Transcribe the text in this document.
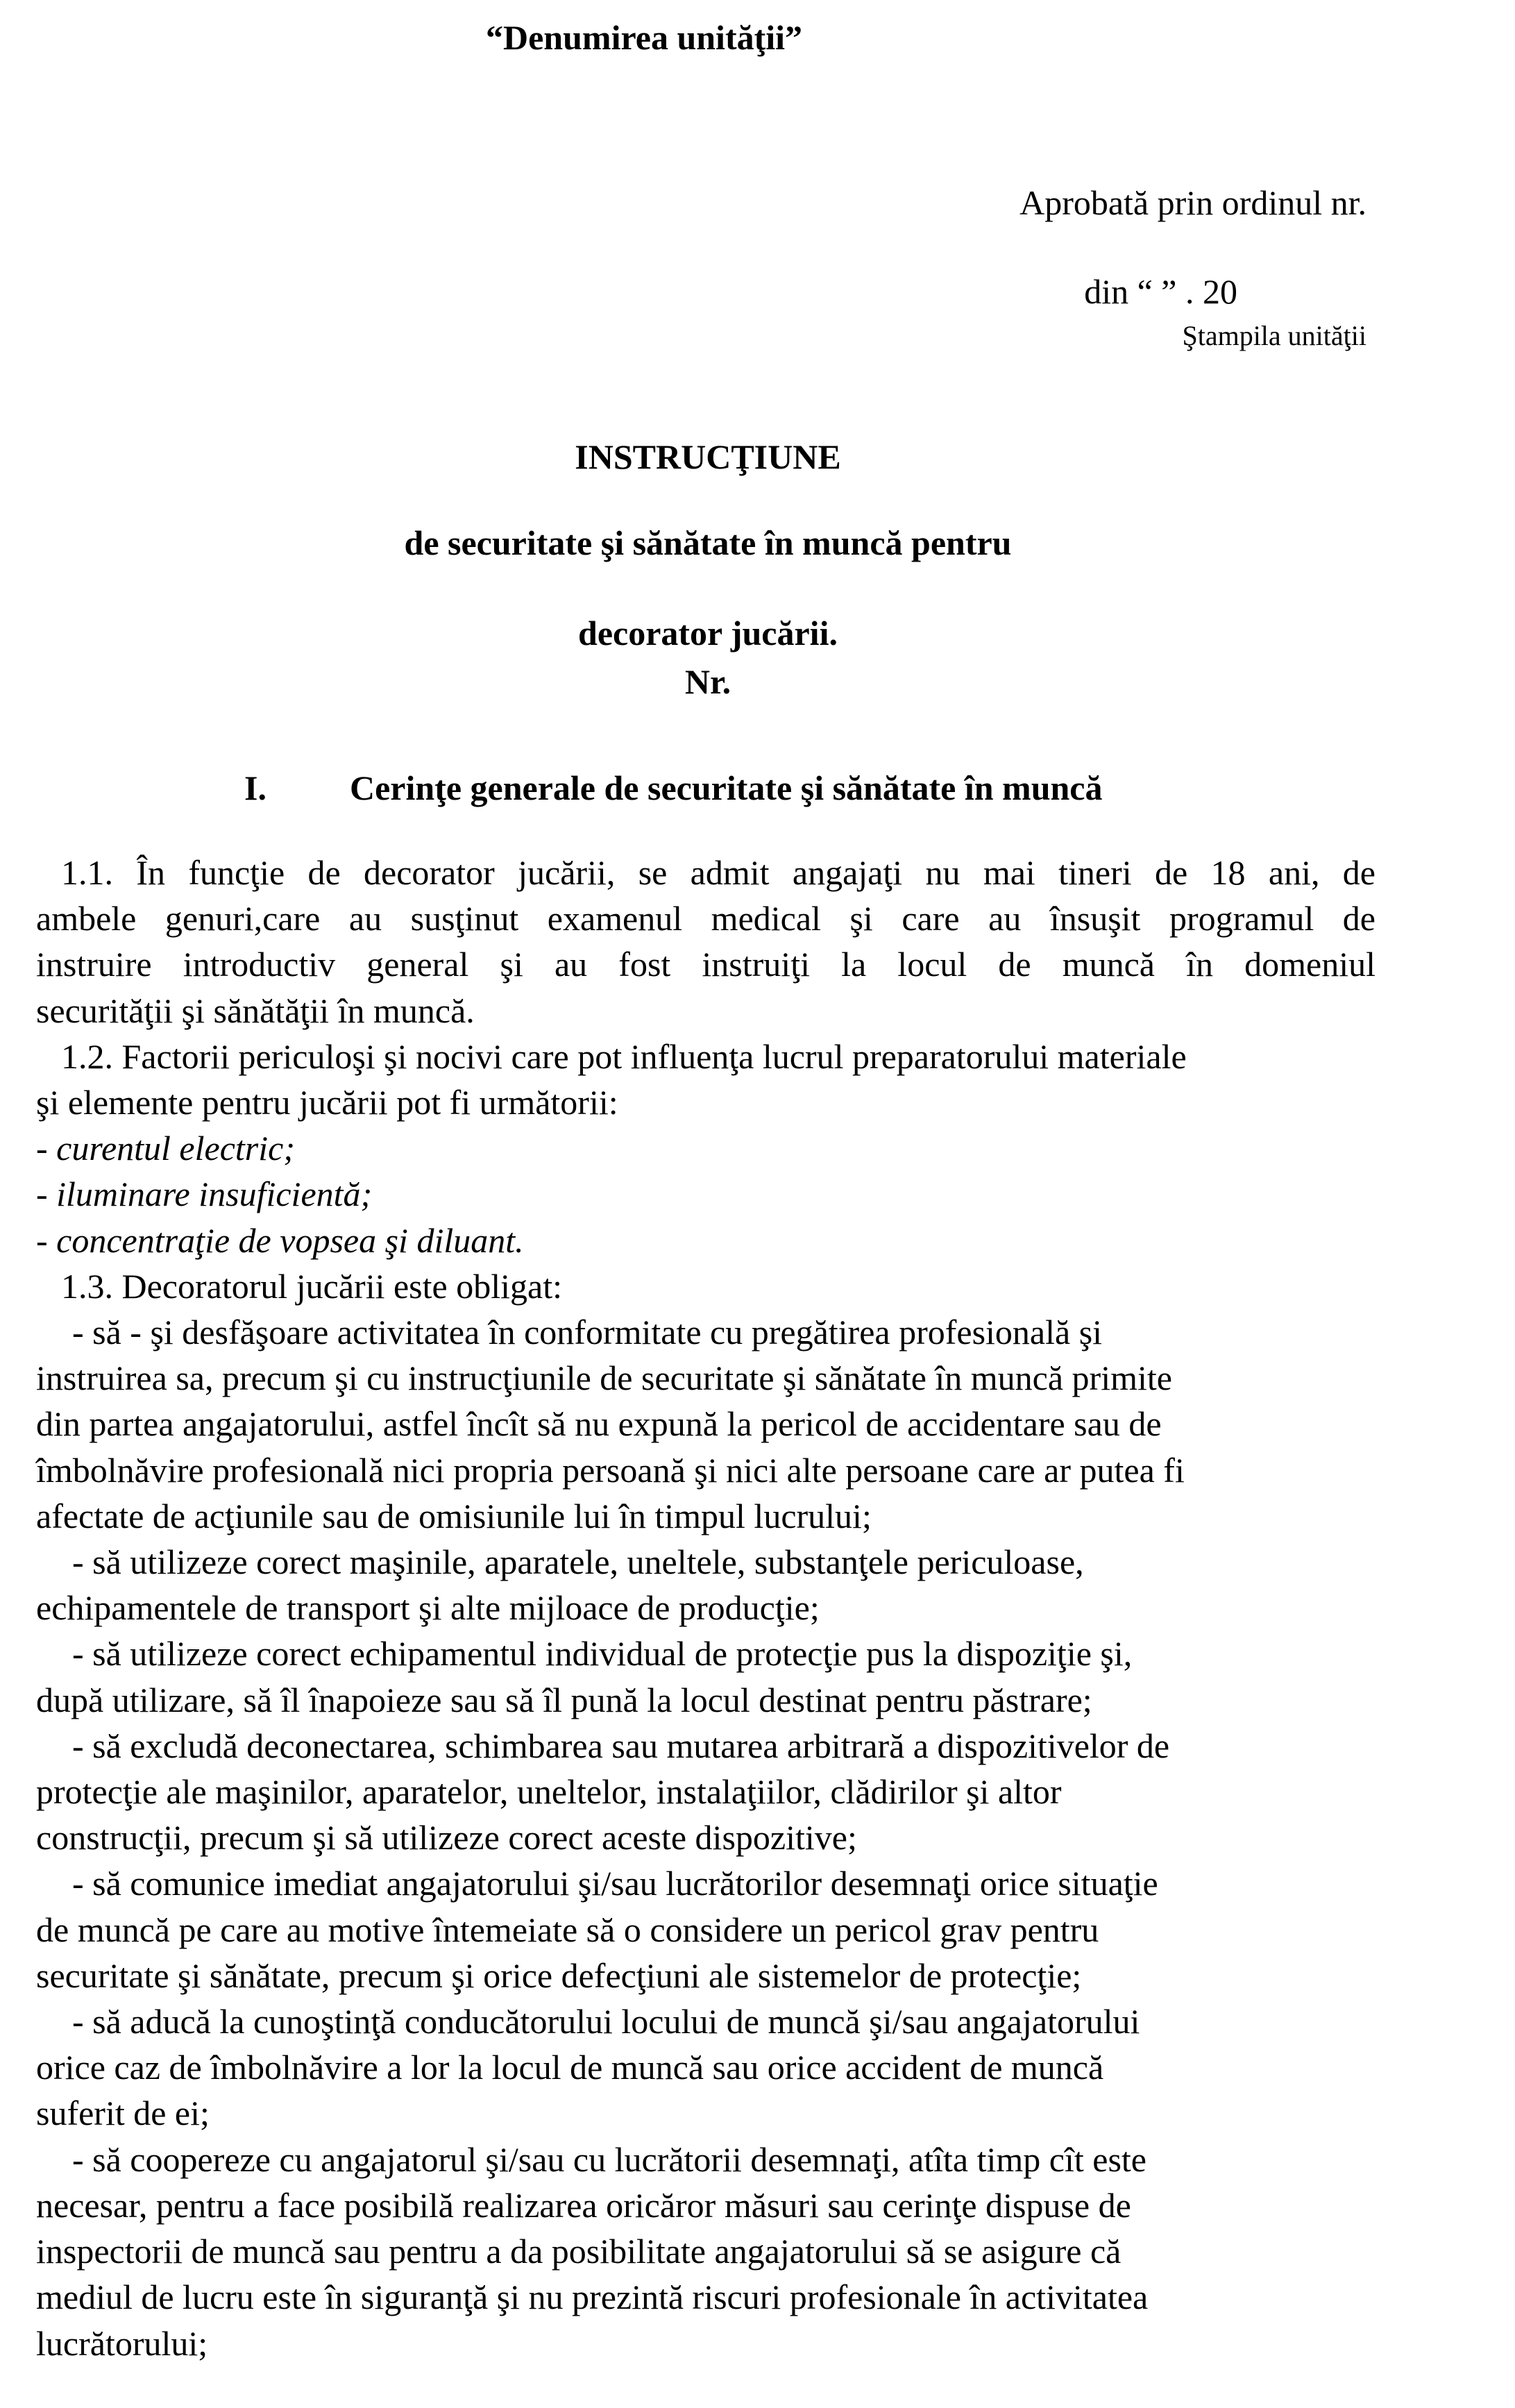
“Denumirea unităţii”
Aprobată prin ordinul nr.
din “ ” . 20
Ştampila unităţii
INSTRUCŢIUNE
de securitate şi sănătate în muncă pentru
decorator jucării.
Nr.
I. Cerinţe generale de securitate şi sănătate în muncă

1.1. În funcţie de decorator jucării, se admit angajaţi nu mai tineri de 18 ani, de

ambele genuri,care au susţinut examenul medical şi care au însuşit programul de

instruire introductiv general şi au fost instruiţi la locul de muncă în domeniul

securităţii şi sănătăţii în muncă.

1.2. Factorii periculoşi şi nocivi care pot influenţa lucrul preparatorului materiale

şi elemente pentru jucării pot fi următorii:

- curentul electric;

- iluminare insuficientă;

- concentraţie de vopsea şi diluant.

1.3. Decoratorul jucării este obligat:

- să - şi desfăşoare activitatea în conformitate cu pregătirea profesională şi

instruirea sa, precum şi cu instrucţiunile de securitate şi sănătate în muncă primite

din partea angajatorului, astfel încît să nu expună la pericol de accidentare sau de

îmbolnăvire profesională nici propria persoană şi nici alte persoane care ar putea fi

afectate de acţiunile sau de omisiunile lui în timpul lucrului;

- să utilizeze corect maşinile, aparatele, uneltele, substanţele periculoase,

echipamentele de transport şi alte mijloace de producţie;

- să utilizeze corect echipamentul individual de protecţie pus la dispoziţie şi,

după utilizare, să îl înapoieze sau să îl pună la locul destinat pentru păstrare;

- să excludă deconectarea, schimbarea sau mutarea arbitrară a dispozitivelor de

protecţie ale maşinilor, aparatelor, uneltelor, instalaţiilor, clădirilor şi altor

construcţii, precum şi să utilizeze corect aceste dispozitive;

- să comunice imediat angajatorului şi/sau lucrătorilor desemnaţi orice situaţie

de muncă pe care au motive întemeiate să o considere un pericol grav pentru

securitate şi sănătate, precum şi orice defecţiuni ale sistemelor de protecţie;

- să aducă la cunoştinţă conducătorului locului de muncă şi/sau angajatorului

orice caz de îmbolnăvire a lor la locul de muncă sau orice accident de muncă

suferit de ei;

- să coopereze cu angajatorul şi/sau cu lucrătorii desemnaţi, atîta timp cît este

necesar, pentru a face posibilă realizarea oricăror măsuri sau cerinţe dispuse de

inspectorii de muncă sau pentru a da posibilitate angajatorului să se asigure că

mediul de lucru este în siguranţă şi nu prezintă riscuri profesionale în activitatea

lucrătorului;
